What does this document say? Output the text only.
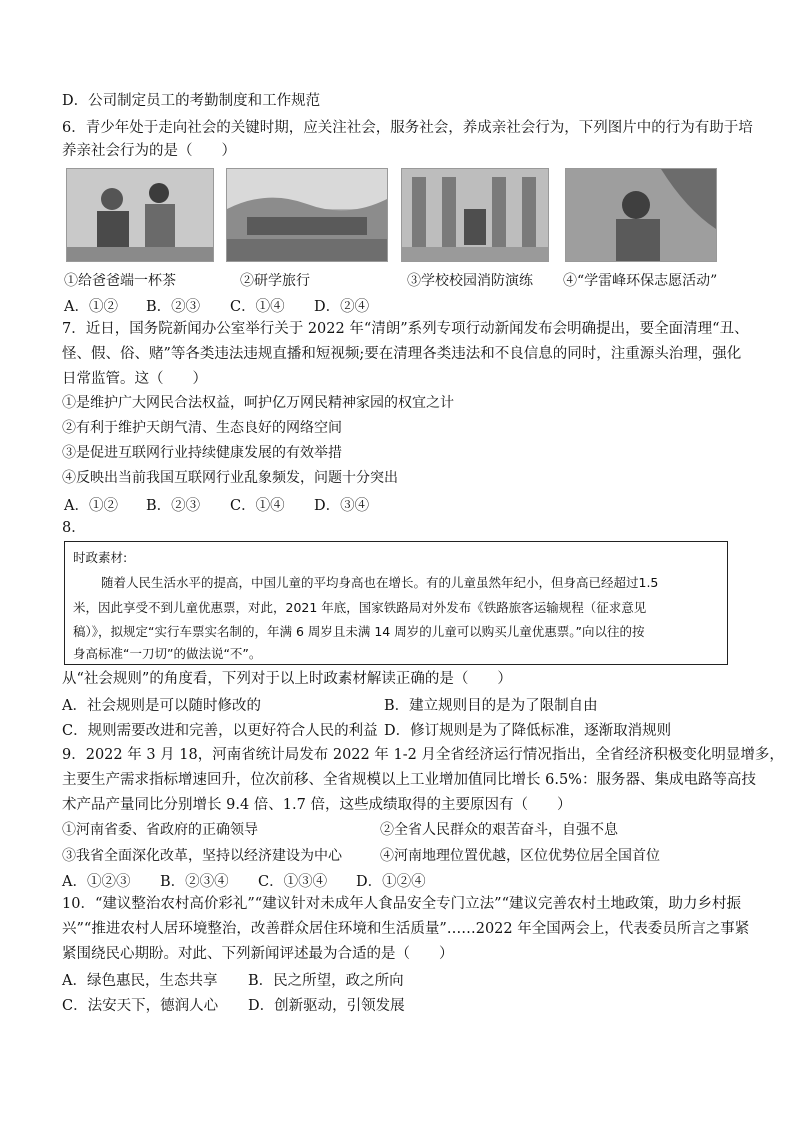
D．公司制定员工的考勤制度和工作规范
6．青少年处于走向社会的关键时期，应关注社会，服务社会，养成亲社会行为，下列图片中的行为有助于培
养亲社会行为的是（　　）
①给爸爸端一杯茶	②研学旅行	③学校校园消防演练 ④“学雷峰环保志愿活动”
A．①② B．②③ C．①④ D．②④
7．近日，国务院新闻办公室举行关于 2022 年“清朗”系列专项行动新闻发布会明确提出，要全面清理“丑、
怪、假、俗、赌”等各类违法违规直播和短视频;要在清理各类违法和不良信息的同时，注重源头治理，强化
日常监管。这（　　）
①是维护广大网民合法权益，呵护亿万网民精神家园的权宜之计
②有利于维护天朗气清、生态良好的网络空间
③是促进互联网行业持续健康发展的有效举措
④反映出当前我国互联网行业乱象频发，问题十分突出
A．①② B．②③ C．①④ D．③④
8．
时政素材:
随着人民生活水平的提高，中国儿童的平均身高也在增长。有的儿童虽然年纪小，但身高已经超过1.5
米，因此享受不到儿童优惠票，对此，2021 年底，国家铁路局对外发布《铁路旅客运输规程（征求意见
稿）》，拟规定“实行车票实名制的，年满 6 周岁且未满 14 周岁的儿童可以购买儿童优惠票。”向以往的按
身高标准“一刀切”的做法说“不”。
从“社会规则”的角度看，下列对于以上时政素材解读正确的是（　　）
A．社会规则是可以随时修改的	B．建立规则目的是为了限制自由
C．规则需要改进和完善，以更好符合人民的利益 D．修订规则是为了降低标准，逐渐取消规则
9．2022 年 3 月 18，河南省统计局发布 2022 年 1-2 月全省经济运行情况指出，全省经济积极变化明显增多，
主要生产需求指标增速回升，位次前移、全省规模以上工业增加值同比增长 6.5%：服务器、集成电路等高技
术产品产量同比分别增长 9.4 倍、1.7 倍，这些成绩取得的主要原因有（　　）
①河南省委、省政府的正确领导	②全省人民群众的艰苦奋斗，自强不息
③我省全面深化改革，坚持以经济建设为中心	④河南地理位置优越，区位优势位居全国首位
A．①②③ B．②③④ C．①③④ D．①②④
10．“建议整治农村高价彩礼”“建议针对未成年人食品安全专门立法”“建议完善农村土地政策，助力乡村振
兴”“推进农村人居环境整治，改善群众居住环境和生活质量”……2022 年全国两会上，代表委员所言之事紧
紧围绕民心期盼。对此、下列新闻评述最为合适的是（　　）
A．绿色惠民，生态共享 B．民之所望，政之所向
C．法安天下，德润人心 D．创新驱动，引领发展
